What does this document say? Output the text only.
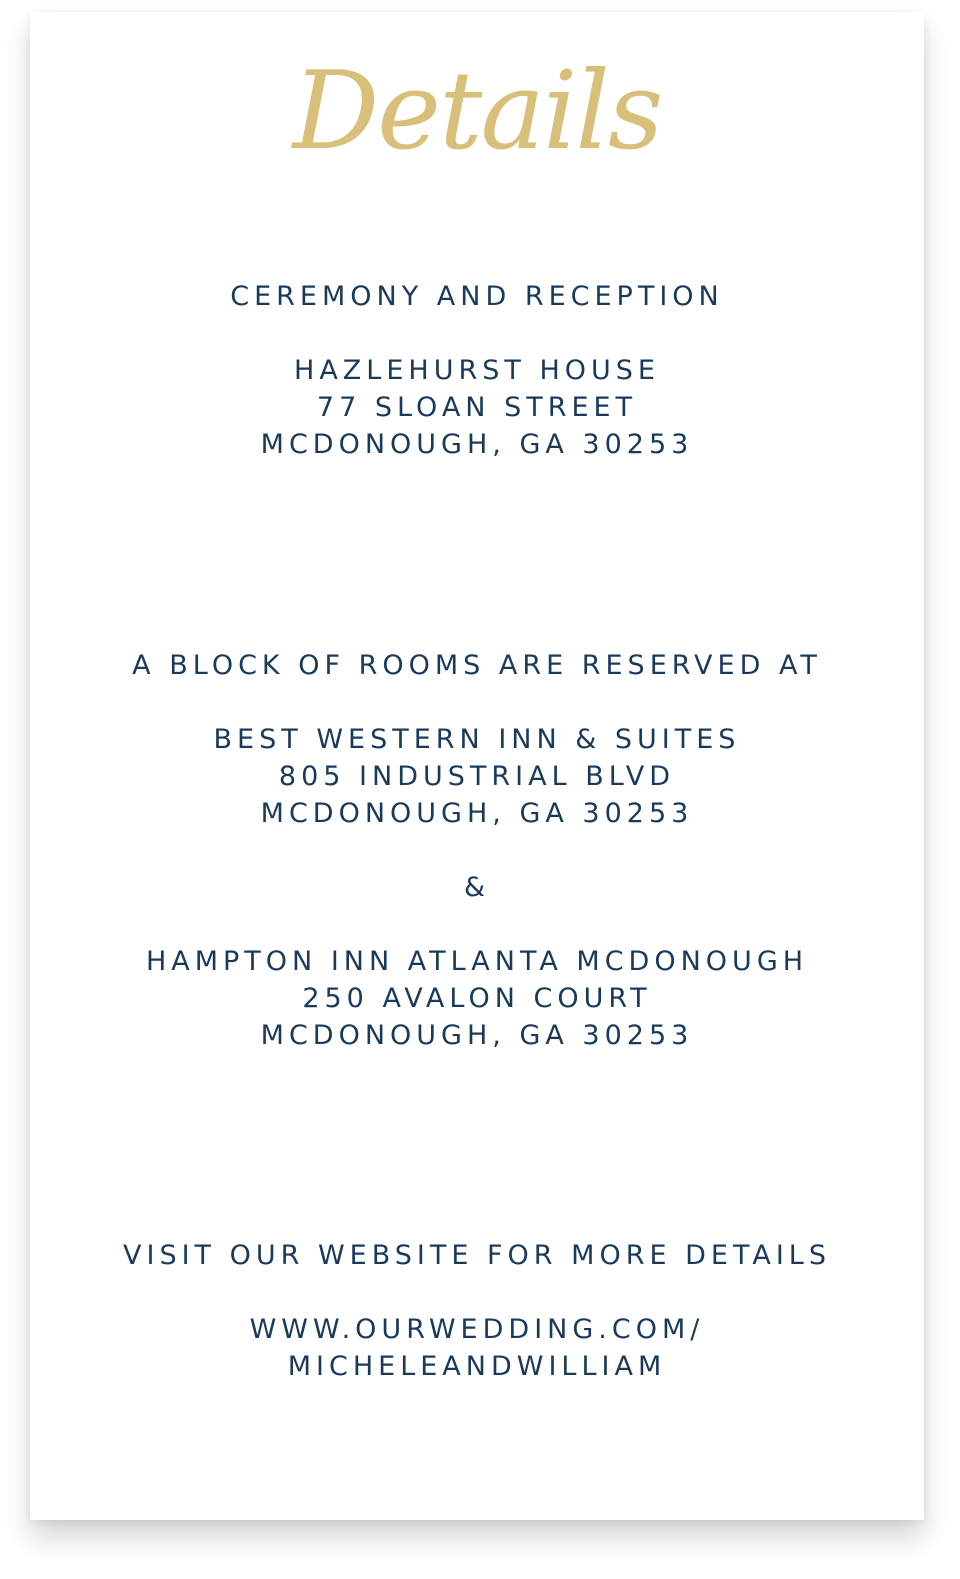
Details
CEREMONY AND RECEPTION
HAZLEHURST HOUSE
77 SLOAN STREET
MCDONOUGH, GA 30253
A BLOCK OF ROOMS ARE RESERVED AT
BEST WESTERN INN & SUITES
805 INDUSTRIAL BLVD
MCDONOUGH, GA 30253
&
HAMPTON INN ATLANTA MCDONOUGH
250 AVALON COURT
MCDONOUGH, GA 30253
VISIT OUR WEBSITE FOR MORE DETAILS
WWW.OURWEDDING.COM/
MICHELEANDWILLIAM
